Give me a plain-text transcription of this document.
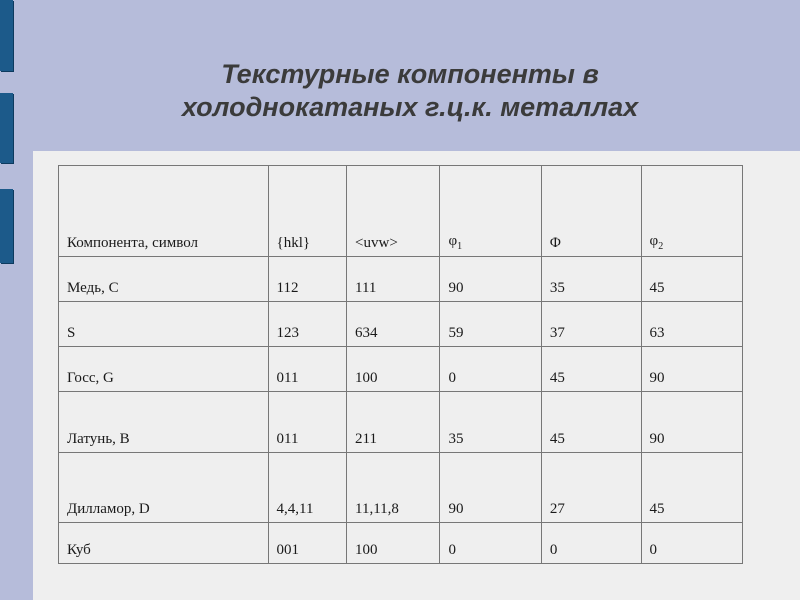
Текстурные компоненты в
холоднокатаных г.ц.к. металлах
Компонента, символ	{hkl}	<uvw>	$\varphi_1$	Φ	$\varphi_2$
Медь, C	112	111	90	35	45
S	123	634	59	37	63
Госс, G	011	100	0	45	90
Латунь, B	011	211	35	45	90
Дилламор, D	4,4,11	11,11,8	90	27	45
Куб	001	100	0	0	0
